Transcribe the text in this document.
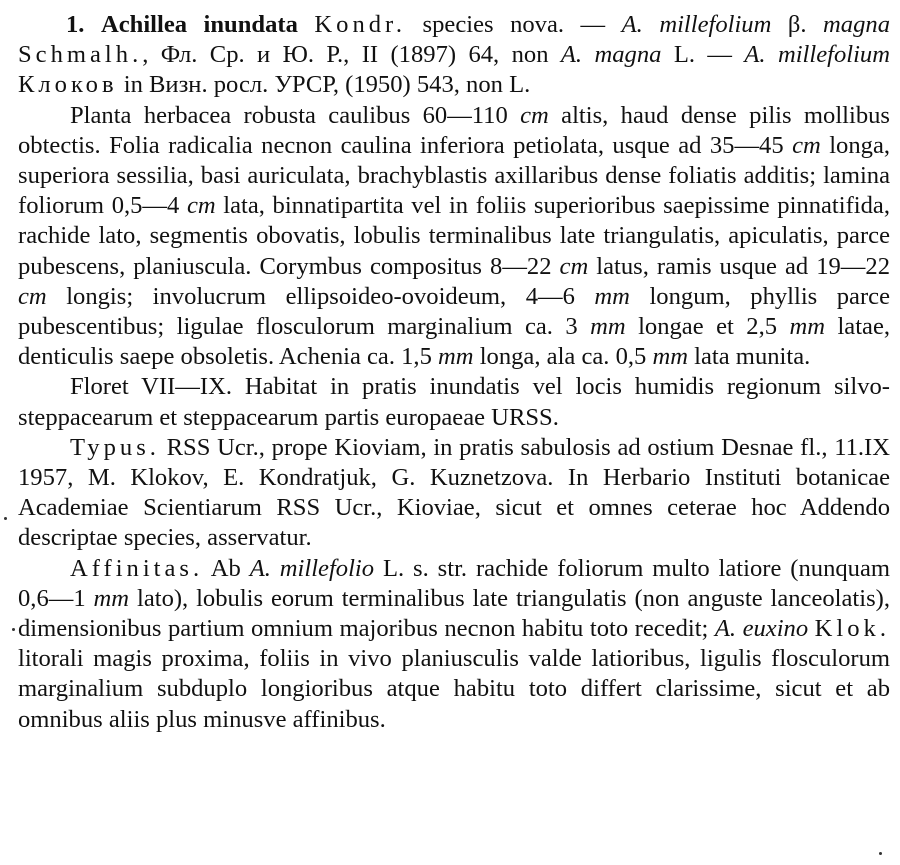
1. Achillea inundata Kondr. species nova. — A. millefolium β. magna Schmalh., Фл. Ср. и Ю. Р., II (1897) 64, non A. magna L. — A. millefolium Клоков in Визн. росл. УРСР, (1950) 543, non L.

Planta herbacea robusta caulibus 60—110 cm altis, haud dense pilis mollibus obtectis. Folia radicalia necnon caulina inferiora petiolata, usque ad 35—45 cm longa, superiora sessilia, basi auriculata, brachyblastis axillaribus dense foliatis additis; lamina foliorum 0,5—4 cm lata, binnatipartita vel in foliis superioribus saepissime pinnatifida, rachide lato, segmentis obovatis, lobulis terminalibus late triangulatis, apiculatis, parce pubescens, planiuscula. Corymbus compositus 8—22 cm latus, ramis usque ad 19—22 cm longis; involucrum ellipsoideo-ovoideum, 4—6 mm longum, phyllis parce pubescentibus; ligulae flosculorum marginalium ca. 3 mm longae et 2,5 mm latae, denticulis saepe obsoletis. Achenia ca. 1,5 mm longa, ala ca. 0,5 mm lata munita.

Floret VII—IX. Habitat in pratis inundatis vel locis humidis regionum silvo-steppacearum et steppacearum partis europaeae URSS.

Typus. RSS Ucr., prope Kioviam, in pratis sabulosis ad ostium Desnae fl., 11.IX 1957, M. Klokov, E. Kondratjuk, G. Kuznetzova. In Herbario Instituti botanicae Academiae Scientiarum RSS Ucr., Kioviae, sicut et omnes ceterae hoc Addendo descriptae species, asservatur.

Affinitas. Ab A. millefolio L. s. str. rachide foliorum multo latiore (nunquam 0,6—1 mm lato), lobulis eorum terminalibus late triangulatis (non anguste lanceolatis), dimensionibus partium omnium majoribus necnon habitu toto recedit; A. euxino Klok. litorali magis proxima, foliis in vivo planiusculis valde latioribus, ligulis flosculorum marginalium subduplo longioribus atque habitu toto differt clarissime, sicut et ab omnibus aliis plus minusve affinibus.
